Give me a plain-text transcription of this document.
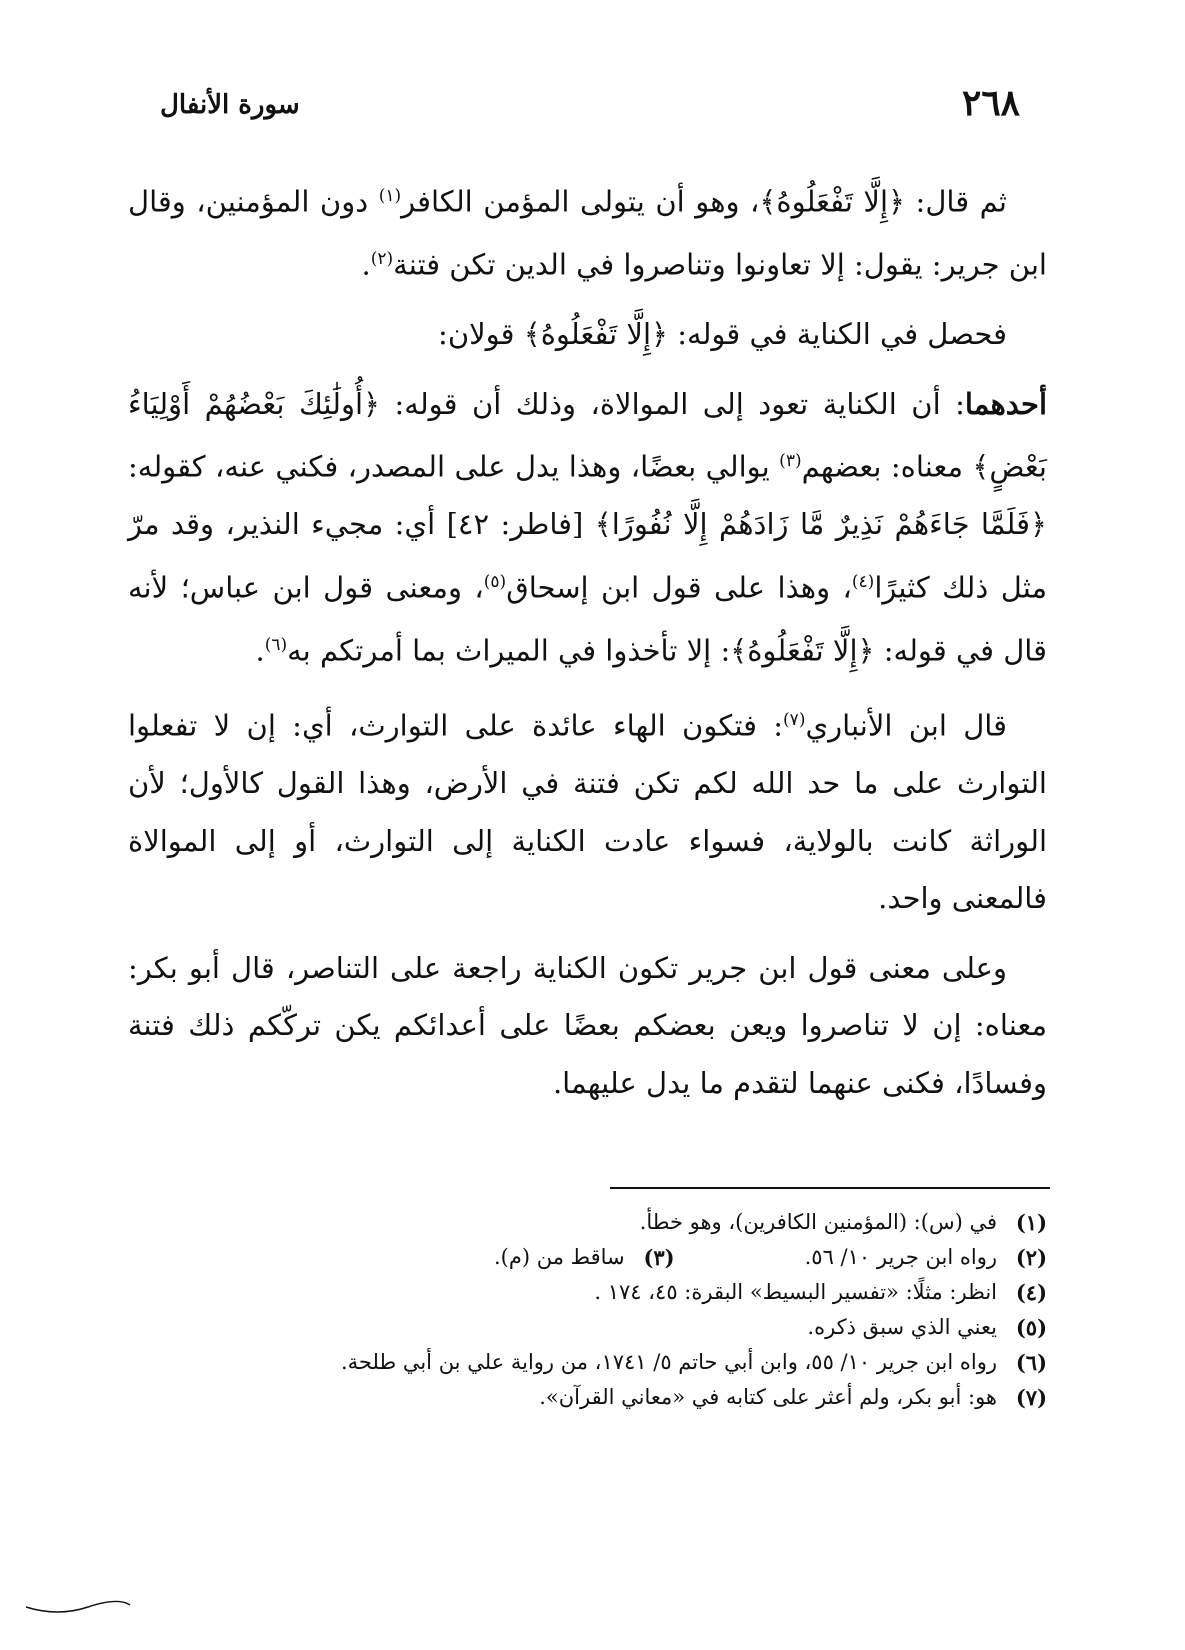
٢٦٨
سورة الأنفال

ثم قال: ﴿إِلَّا تَفْعَلُوهُ﴾، وهو أن يتولى المؤمن الكافر$^{(١)}$ دون المؤمنين، وقال ابن جرير: يقول: إلا تعاونوا وتناصروا في الدين تكن فتنة$^{(٢)}$.

فحصل في الكناية في قوله: ﴿إِلَّا تَفْعَلُوهُ﴾ قولان:

أحدهما: أن الكناية تعود إلى الموالاة، وذلك أن قوله: ﴿أُولَٰئِكَ بَعْضُهُمْ أَوْلِيَاءُ بَعْضٍ﴾ معناه: بعضهم$^{(٣)}$ يوالي بعضًا، وهذا يدل على المصدر، فكني عنه، كقوله: ﴿فَلَمَّا جَاءَهُمْ نَذِيرٌ مَّا زَادَهُمْ إِلَّا نُفُورًا﴾ [فاطر: ٤٢] أي: مجيء النذير، وقد مرّ مثل ذلك كثيرًا$^{(٤)}$، وهذا على قول ابن إسحاق$^{(٥)}$، ومعنى قول ابن عباس؛ لأنه قال في قوله: ﴿إِلَّا تَفْعَلُوهُ﴾: إلا تأخذوا في الميراث بما أمرتكم به$^{(٦)}$.

قال ابن الأنباري$^{(٧)}$: فتكون الهاء عائدة على التوارث، أي: إن لا تفعلوا التوارث على ما حد الله لكم تكن فتنة في الأرض، وهذا القول كالأول؛ لأن الوراثة كانت بالولاية، فسواء عادت الكناية إلى التوارث، أو إلى الموالاة فالمعنى واحد.

وعلى معنى قول ابن جرير تكون الكناية راجعة على التناصر، قال أبو بكر: معناه: إن لا تناصروا ويعن بعضكم بعضًا على أعدائكم يكن تركّكم ذلك فتنة وفسادًا، فكنى عنهما لتقدم ما يدل عليهما.

(١)
في (س): (المؤمنين الكافرين)، وهو خطأ.
(٢)
رواه ابن جرير ١٠/ ٥٦.
(٣)
ساقط من (م).
(٤)
انظر: مثلًا: «تفسير البسيط» البقرة: ٤٥، ١٧٤ .
(٥)
يعني الذي سبق ذكره.
(٦)
رواه ابن جرير ١٠/ ٥٥، وابن أبي حاتم ٥/ ١٧٤١، من رواية علي بن أبي طلحة.
(٧)
هو: أبو بكر، ولم أعثر على كتابه في «معاني القرآن».
